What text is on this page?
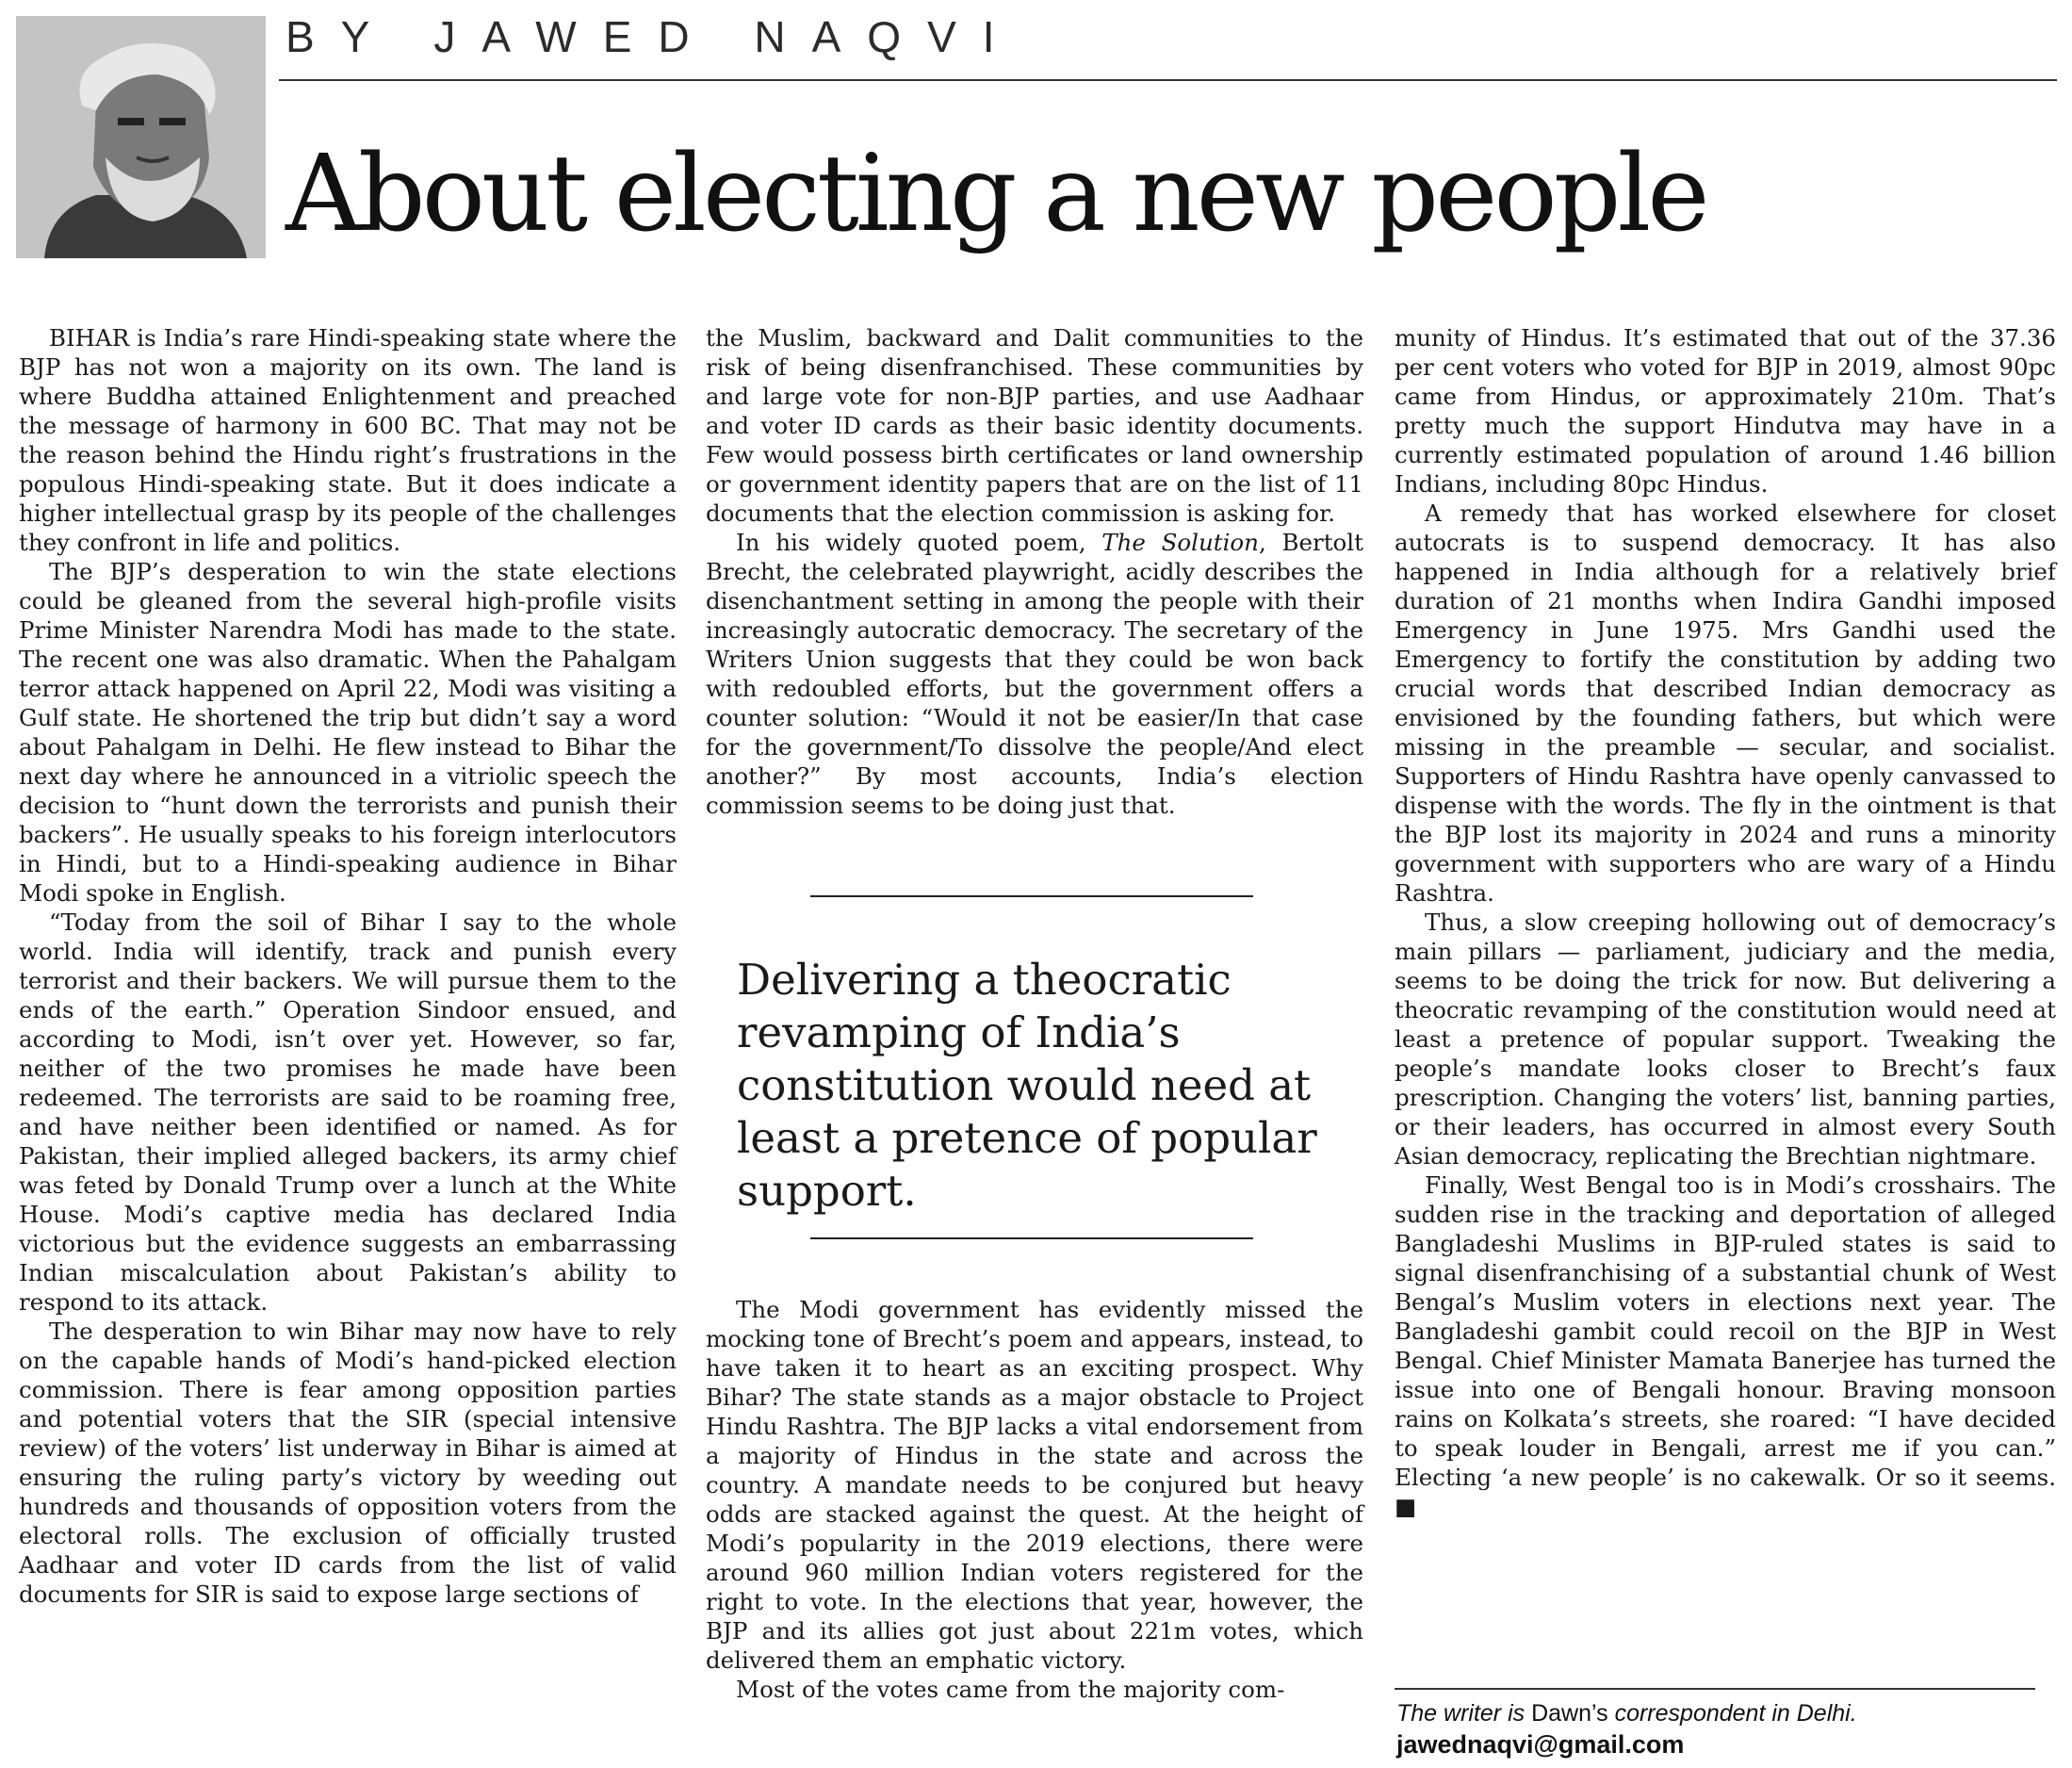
BY JAWED NAQVI
About electing a new people

BIHAR is India’s rare Hindi-speaking state where the BJP has not won a majority on its own. The land is where Buddha attained Enlightenment and preached the message of harmony in 600 BC. That may not be the reason behind the Hindu right’s frustrations in the populous Hindi-speaking state. But it does indicate a higher intellectual grasp by its people of the challenges they confront in life and politics.

The BJP’s desperation to win the state elections could be gleaned from the several high-profile visits Prime Minister Narendra Modi has made to the state. The recent one was also dramatic. When the Pahalgam terror attack happened on April 22, Modi was visiting a Gulf state. He shortened the trip but didn’t say a word about Pahalgam in Delhi. He flew instead to Bihar the next day where he announced in a vitriolic speech the decision to “hunt down the terrorists and punish their backers”. He usually speaks to his foreign interlocutors in Hindi, but to a Hindi-speaking audience in Bihar Modi spoke in English.

“Today from the soil of Bihar I say to the whole world. India will identify, track and punish every terrorist and their backers. We will pursue them to the ends of the earth.” Operation Sindoor ensued, and according to Modi, isn’t over yet. However, so far, neither of the two promises he made have been redeemed. The terrorists are said to be roaming free, and have neither been identified or named. As for Pakistan, their implied alleged backers, its army chief was feted by Donald Trump over a lunch at the White House. Modi’s captive media has declared India victorious but the evidence suggests an embarrassing Indian miscalculation about Pakistan’s ability to respond to its attack.

The desperation to win Bihar may now have to rely on the capable hands of Modi’s hand-picked election commission. There is fear among opposition parties and potential voters that the SIR (special intensive review) of the voters’ list underway in Bihar is aimed at ensuring the ruling party’s victory by weeding out hundreds and thousands of opposition voters from the electoral rolls. The exclusion of officially trusted Aadhaar and voter ID cards from the list of valid documents for SIR is said to expose large sections of

the Muslim, backward and Dalit communities to the risk of being disenfranchised. These communities by and large vote for non-BJP parties, and use Aadhaar and voter ID cards as their basic identity documents. Few would possess birth certificates or land ownership or government identity papers that are on the list of 11 documents that the election commission is asking for.

In his widely quoted poem, The Solution, Bertolt Brecht, the celebrated playwright, acidly describes the disenchantment setting in among the people with their increasingly autocratic democracy. The secretary of the Writers Union suggests that they could be won back with redoubled efforts, but the government offers a counter solution: “Would it not be easier/In that case for the government/To dissolve the people/And elect another?” By most accounts, India’s election commission seems to be doing just that.

Delivering a theocratic revamping of India’s constitution would need at least a pretence of popular support.

The Modi government has evidently missed the mocking tone of Brecht’s poem and appears, instead, to have taken it to heart as an exciting prospect. Why Bihar? The state stands as a major obstacle to Project Hindu Rashtra. The BJP lacks a vital endorsement from a majority of Hindus in the state and across the country. A mandate needs to be conjured but heavy odds are stacked against the quest. At the height of Modi’s popularity in the 2019 elections, there were around 960 million Indian voters registered for the right to vote. In the elections that year, however, the BJP and its allies got just about 221m votes, which delivered them an emphatic victory.

Most of the votes came from the majority com-

munity of Hindus. It’s estimated that out of the 37.36 per cent voters who voted for BJP in 2019, almost 90pc came from Hindus, or approximately 210m. That’s pretty much the support Hindutva may have in a currently estimated population of around 1.46 billion Indians, including 80pc Hindus.

A remedy that has worked elsewhere for closet autocrats is to suspend democracy. It has also happened in India although for a relatively brief duration of 21 months when Indira Gandhi imposed Emergency in June 1975. Mrs Gandhi used the Emergency to fortify the constitution by adding two crucial words that described Indian democracy as envisioned by the founding fathers, but which were missing in the preamble — secular, and socialist. Supporters of Hindu Rashtra have openly canvassed to dispense with the words. The fly in the ointment is that the BJP lost its majority in 2024 and runs a minority government with supporters who are wary of a Hindu Rashtra.

Thus, a slow creeping hollowing out of democracy’s main pillars — parliament, judiciary and the media, seems to be doing the trick for now. But delivering a theocratic revamping of the constitution would need at least a pretence of popular support. Tweaking the people’s mandate looks closer to Brecht’s faux prescription. Changing the voters’ list, banning parties, or their leaders, has occurred in almost every South Asian democracy, replicating the Brechtian nightmare.

Finally, West Bengal too is in Modi’s crosshairs. The sudden rise in the tracking and deportation of alleged Bangladeshi Muslims in BJP-ruled states is said to signal disenfranchising of a substantial chunk of West Bengal’s Muslim voters in elections next year. The Bangladeshi gambit could recoil on the BJP in West Bengal. Chief Minister Mamata Banerjee has turned the issue into one of Bengali honour. Braving monsoon rains on Kolkata’s streets, she roared: “I have decided to speak louder in Bengali, arrest me if you can.” Electing ‘a new people’ is no cakewalk. Or so it seems. ■

The writer is Dawn’s correspondent in Delhi.
jawednaqvi@gmail.com
